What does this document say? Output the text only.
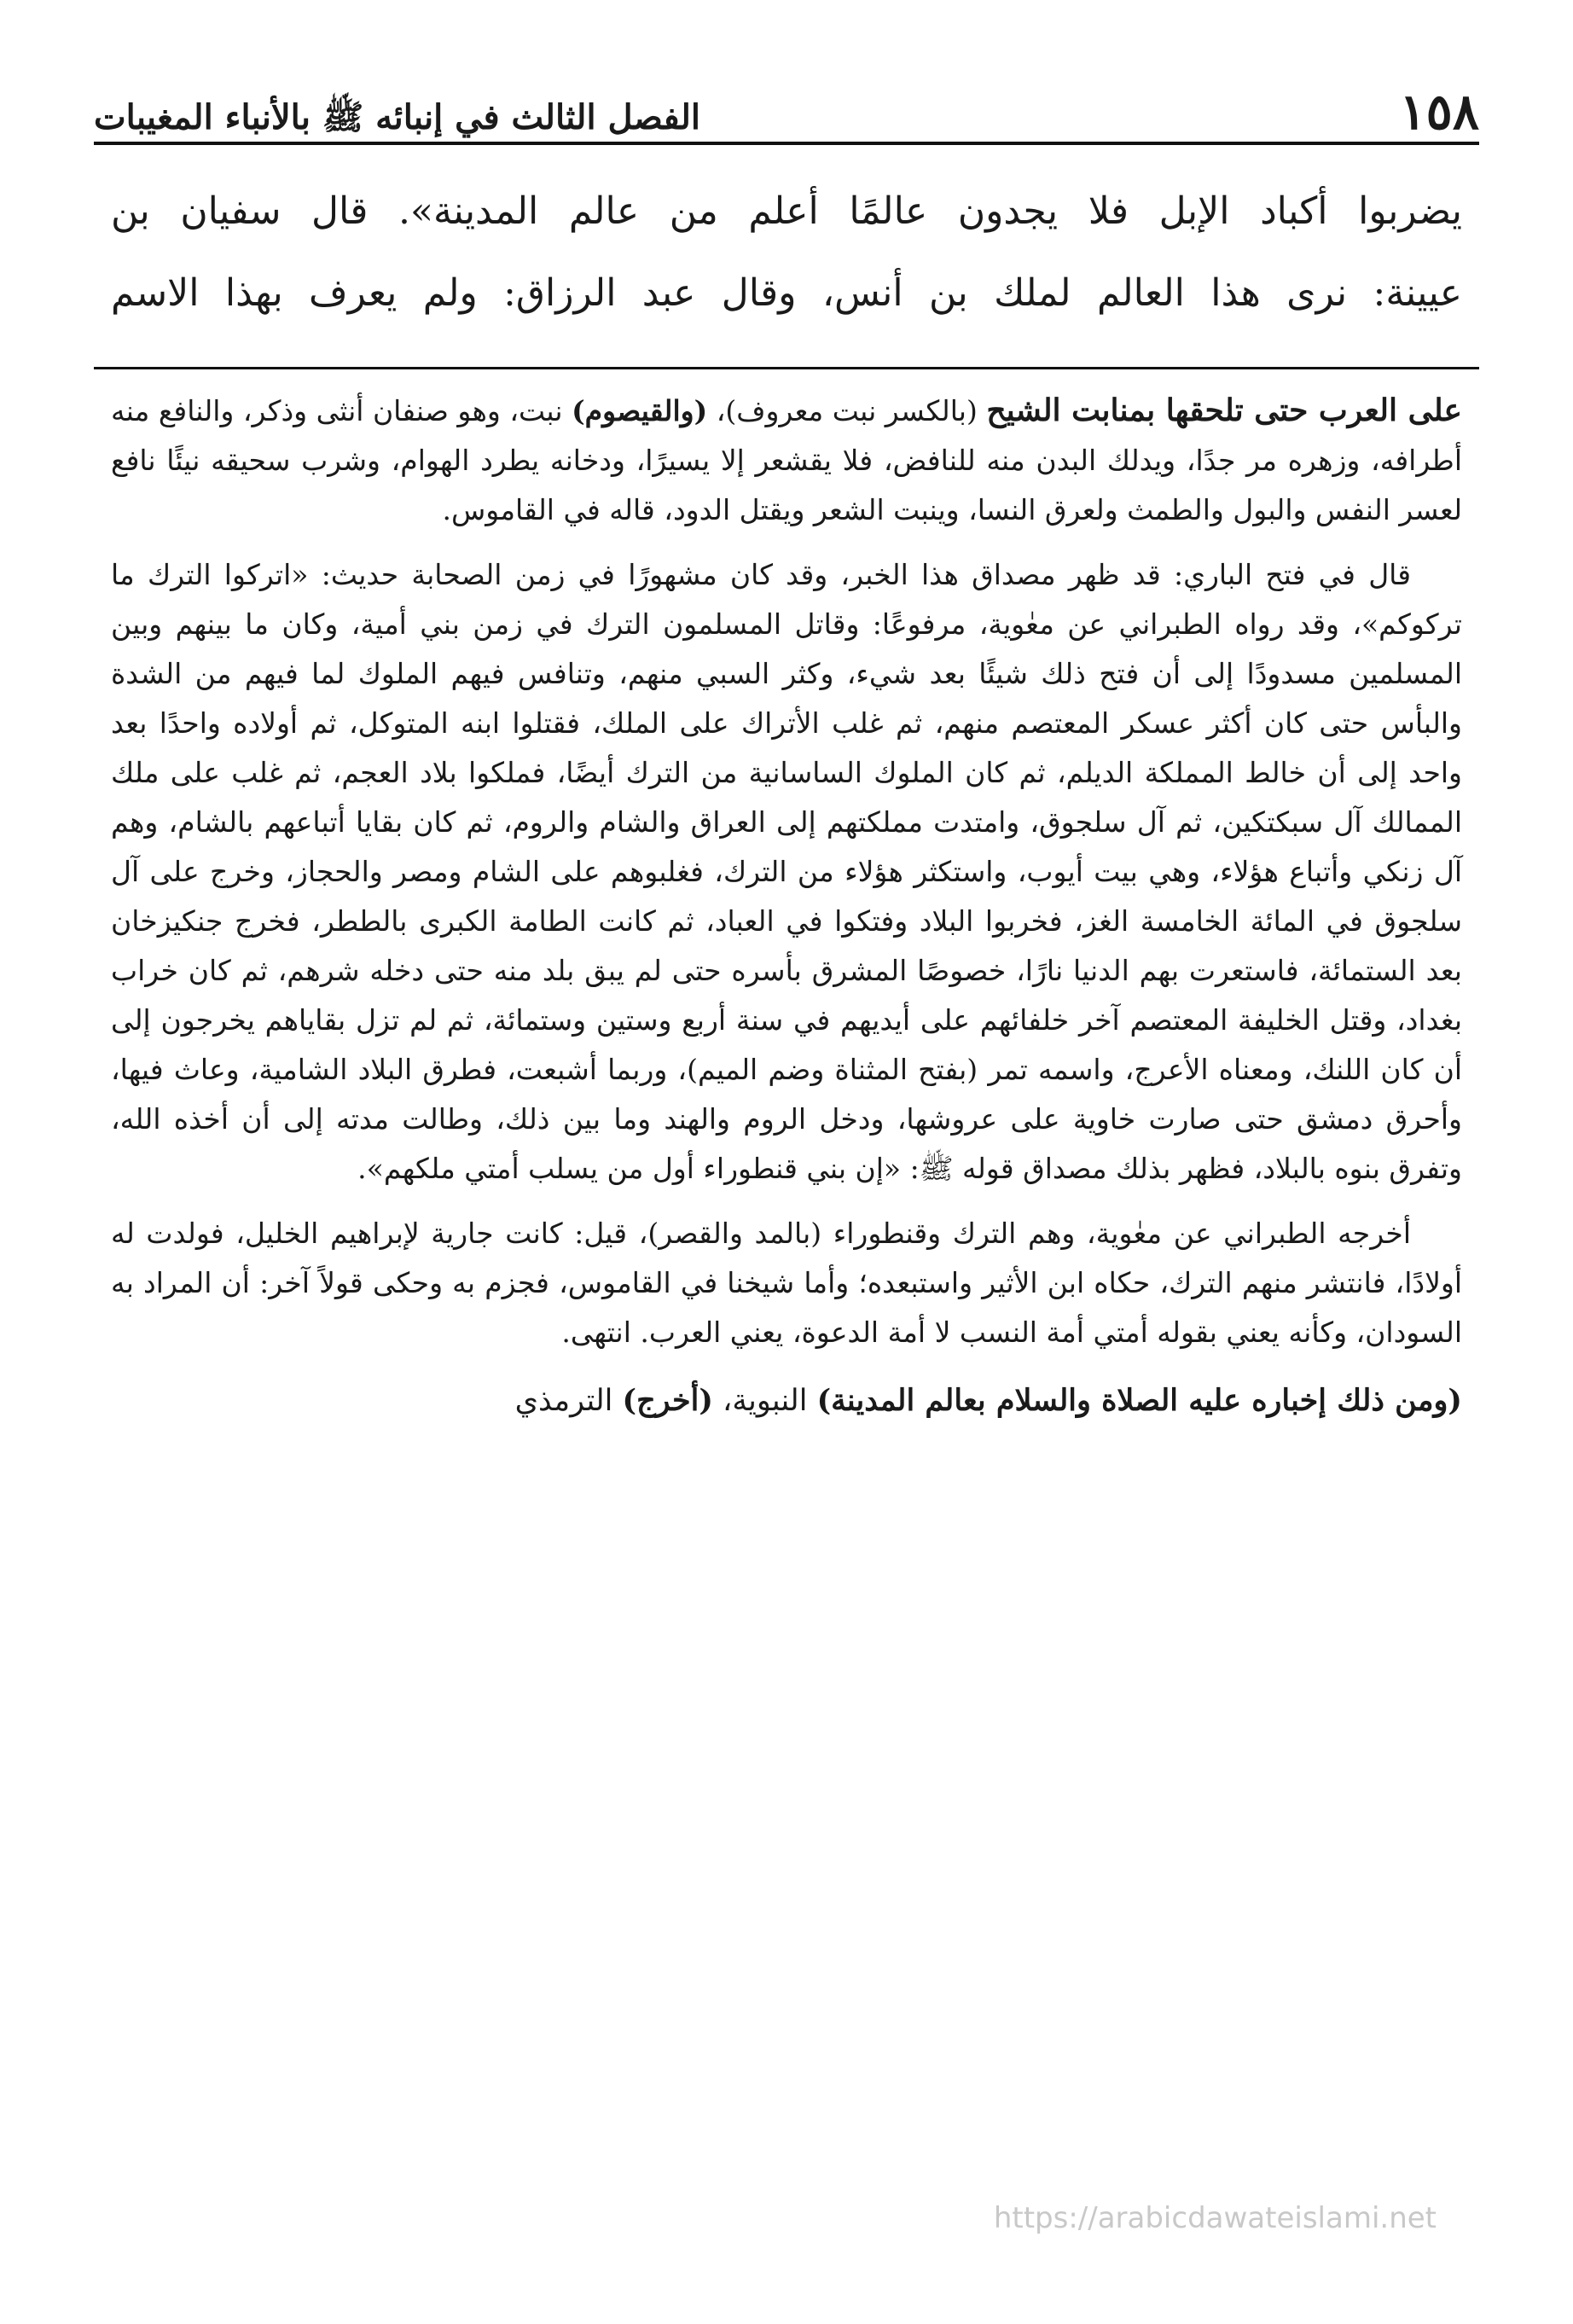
١٥٨
الفصل الثالث في إنبائه ﷺ بالأنباء المغيبات

يضربوا أكباد الإبل فلا يجدون عالمًا أعلم من عالم المدينة». قال سفيان بن

عيينة: نرى هذا العالم لملك بن أنس، وقال عبد الرزاق: ولم يعرف بهذا الاسم

على العرب حتى تلحقها بمنابت الشيح (بالكسر نبت معروف)، (والقيصوم) نبت، وهو صنفان أنثى وذكر، والنافع منه أطرافه، وزهره مر جدًا، ويدلك البدن منه للنافض، فلا يقشعر إلا يسيرًا، ودخانه يطرد الهوام، وشرب سحيقه نيئًا نافع لعسر النفس والبول والطمث ولعرق النسا، وينبت الشعر ويقتل الدود، قاله في القاموس.

قال في فتح الباري: قد ظهر مصداق هذا الخبر، وقد كان مشهورًا في زمن الصحابة حديث: «اتركوا الترك ما تركوكم»، وقد رواه الطبراني عن معٰوية، مرفوعًا: وقاتل المسلمون الترك في زمن بني أمية، وكان ما بينهم وبين المسلمين مسدودًا إلى أن فتح ذلك شيئًا بعد شيء، وكثر السبي منهم، وتنافس فيهم الملوك لما فيهم من الشدة والبأس حتى كان أكثر عسكر المعتصم منهم، ثم غلب الأتراك على الملك، فقتلوا ابنه المتوكل، ثم أولاده واحدًا بعد واحد إلى أن خالط المملكة الديلم، ثم كان الملوك الساسانية من الترك أيضًا، فملكوا بلاد العجم، ثم غلب على ملك الممالك آل سبكتكين، ثم آل سلجوق، وامتدت مملكتهم إلى العراق والشام والروم، ثم كان بقايا أتباعهم بالشام، وهم آل زنكي وأتباع هؤلاء، وهي بيت أيوب، واستكثر هؤلاء من الترك، فغلبوهم على الشام ومصر والحجاز، وخرج على آل سلجوق في المائة الخامسة الغز، فخربوا البلاد وفتكوا في العباد، ثم كانت الطامة الكبرى بالططر، فخرج جنكيزخان بعد الستمائة، فاستعرت بهم الدنيا نارًا، خصوصًا المشرق بأسره حتى لم يبق بلد منه حتى دخله شرهم، ثم كان خراب بغداد، وقتل الخليفة المعتصم آخر خلفائهم على أيديهم في سنة أربع وستين وستمائة، ثم لم تزل بقاياهم يخرجون إلى أن كان اللنك، ومعناه الأعرج، واسمه تمر (بفتح المثناة وضم الميم)، وربما أشبعت، فطرق البلاد الشامية، وعاث فيها، وأحرق دمشق حتى صارت خاوية على عروشها، ودخل الروم والهند وما بين ذلك، وطالت مدته إلى أن أخذه الله، وتفرق بنوه بالبلاد، فظهر بذلك مصداق قوله ﷺ: «إن بني قنطوراء أول من يسلب أمتي ملكهم».

أخرجه الطبراني عن معٰوية، وهم الترك وقنطوراء (بالمد والقصر)، قيل: كانت جارية لإبراهيم الخليل، فولدت له أولادًا، فانتشر منهم الترك، حكاه ابن الأثير واستبعده؛ وأما شيخنا في القاموس، فجزم به وحكى قولاً آخر: أن المراد به السودان، وكأنه يعني بقوله أمتي أمة النسب لا أمة الدعوة، يعني العرب. انتهى.

(ومن ذلك إخباره عليه الصلاة والسلام بعالم المدينة) النبوية، (أخرج) الترمذي

https://arabicdawateislami.net
